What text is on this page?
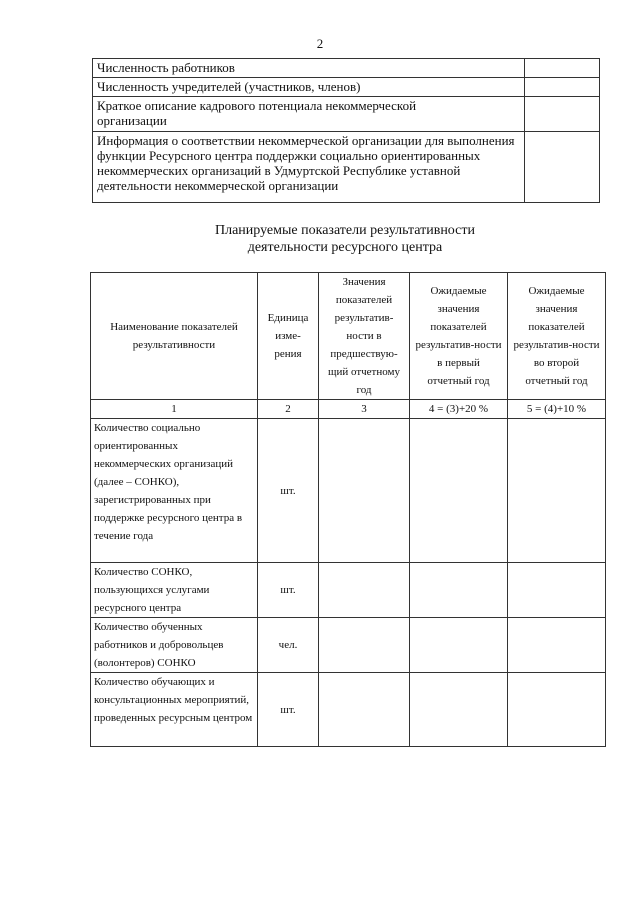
2
Численность работников	
Численность учредителей (участников, членов)	
Краткое описание кадрового потенциала некоммерческой организации	
Информация о соответствии некоммерческой организации для выполнения функции Ресурсного центра поддержки социально ориентированных некоммерческих организаций в Удмуртской Республике уставной деятельности некоммерческой организации	
Планируемые показатели результативности
деятельности ресурсного центра
Наименование показателей результативности	Единица изме-рения	Значения показателей результатив-ности в предшествую-щий отчетному год	Ожидаемые значения показателей результатив-ности в первый отчетный год	Ожидаемые значения показателей результатив-ности во второй отчетный год
1	2	3	4 = (3)+20 %	5 = (4)+10 %
Количество социально ориентированных некоммерческих организаций (далее – СОНКО), зарегистрированных при поддержке ресурсного центра в течение года	шт.			
Количество СОНКО, пользующихся услугами ресурсного центра	шт.			
Количество обученных работников и добровольцев (волонтеров) СОНКО	чел.			
Количество обучающих и консультационных мероприятий, проведенных ресурсным центром	шт.			
